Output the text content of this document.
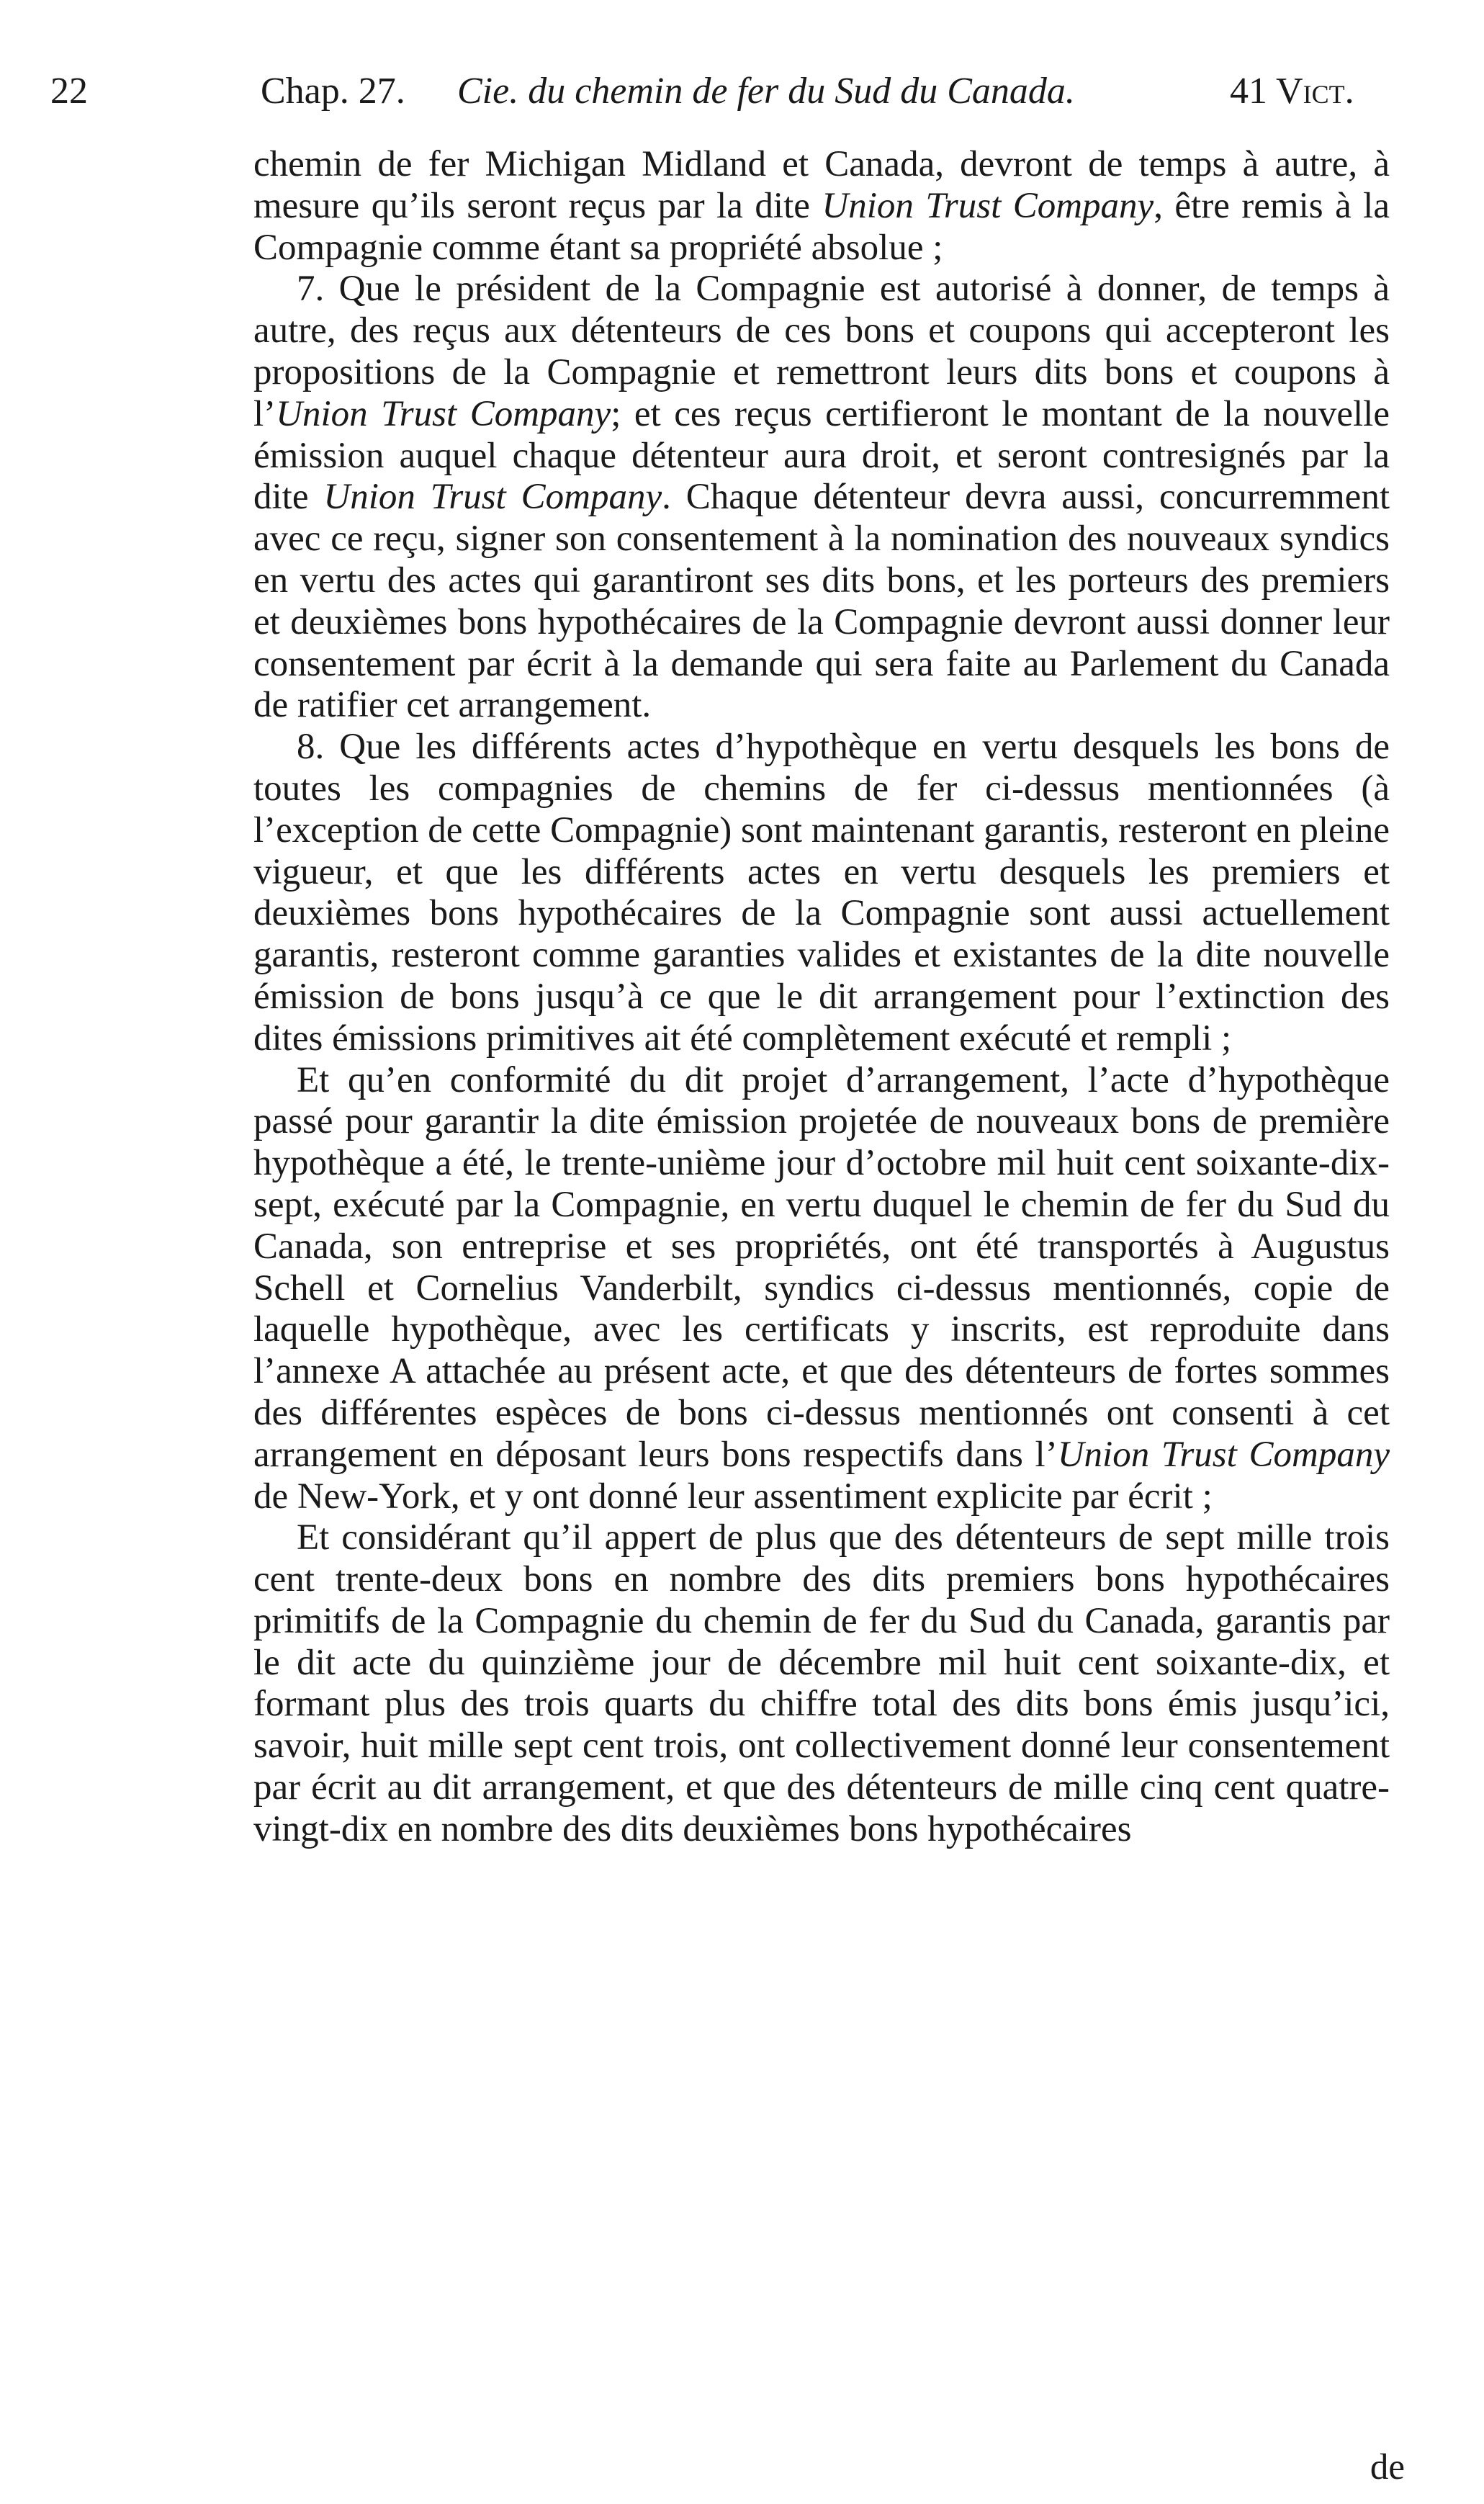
22	Chap. 27. Cie. du chemin de fer du Sud du Canada.	41 Vict.

chemin de fer Michigan Midland et Canada, devront de temps à autre, à mesure qu’ils seront reçus par la dite Union Trust Company, être remis à la Compagnie comme étant sa propriété absolue ;

7. Que le président de la Compagnie est autorisé à donner, de temps à autre, des reçus aux détenteurs de ces bons et coupons qui accepteront les propositions de la Compagnie et remettront leurs dits bons et coupons à l’Union Trust Company; et ces reçus certifieront le montant de la nouvelle émission auquel chaque détenteur aura droit, et seront contresignés par la dite Union Trust Company. Chaque détenteur devra aussi, concurremment avec ce reçu, signer son consentement à la nomination des nouveaux syndics en vertu des actes qui garantiront ses dits bons, et les porteurs des premiers et deuxièmes bons hypothécaires de la Compagnie devront aussi donner leur consentement par écrit à la demande qui sera faite au Parlement du Canada de ratifier cet arrangement.

8. Que les différents actes d’hypothèque en vertu desquels les bons de toutes les compagnies de chemins de fer ci-dessus mentionnées (à l’exception de cette Compagnie) sont maintenant garantis, resteront en pleine vigueur, et que les différents actes en vertu desquels les premiers et deuxièmes bons hypothécaires de la Compagnie sont aussi actuellement garantis, resteront comme garanties valides et existantes de la dite nouvelle émission de bons jusqu’à ce que le dit arrangement pour l’extinction des dites émissions primitives ait été complètement exécuté et rempli ;

Et qu’en conformité du dit projet d’arrangement, l’acte d’hypothèque passé pour garantir la dite émission projetée de nouveaux bons de première hypothèque a été, le trente-unième jour d’octobre mil huit cent soixante-dix-sept, exécuté par la Compagnie, en vertu duquel le chemin de fer du Sud du Canada, son entreprise et ses propriétés, ont été transportés à Augustus Schell et Cornelius Vanderbilt, syndics ci-dessus mentionnés, copie de laquelle hypothèque, avec les certificats y inscrits, est reproduite dans l’annexe A attachée au présent acte, et que des détenteurs de fortes sommes des différentes espèces de bons ci-dessus mentionnés ont consenti à cet arrangement en déposant leurs bons respectifs dans l’Union Trust Company de New-York, et y ont donné leur assentiment explicite par écrit ;

Et considérant qu’il appert de plus que des détenteurs de sept mille trois cent trente-deux bons en nombre des dits premiers bons hypothécaires primitifs de la Compagnie du chemin de fer du Sud du Canada, garantis par le dit acte du quinzième jour de décembre mil huit cent soixante-dix, et formant plus des trois quarts du chiffre total des dits bons émis jusqu’ici, savoir, huit mille sept cent trois, ont collectivement donné leur consentement par écrit au dit arrangement, et que des détenteurs de mille cinq cent quatre-vingt-dix en nombre des dits deuxièmes bons hypothécaires

de
